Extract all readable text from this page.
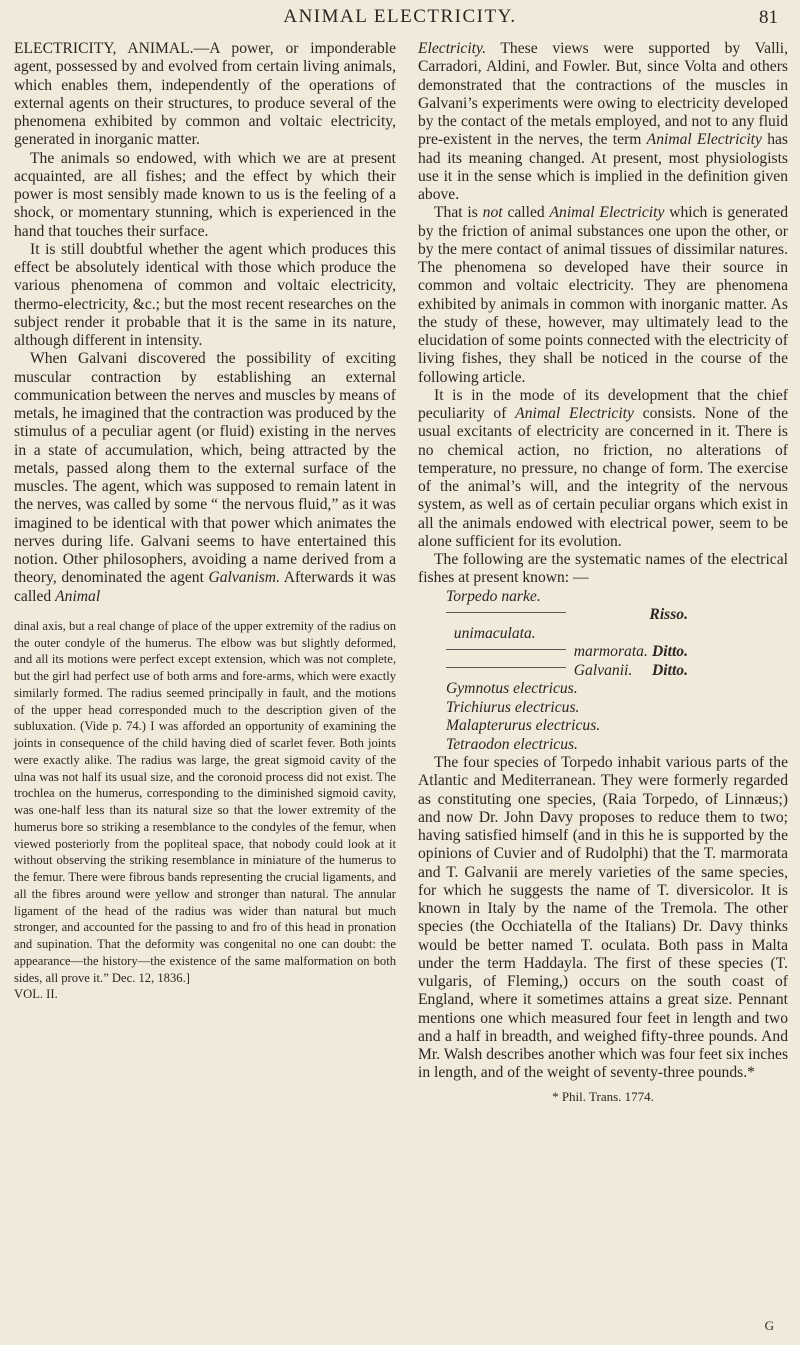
ANIMAL ELECTRICITY.	81

ELECTRICITY, ANIMAL.—A power, or imponderable agent, possessed by and evolved from certain living animals, which enables them, independently of the operations of external agents on their structures, to produce several of the phenomena exhibited by common and voltaic electricity, generated in inorganic matter.

The animals so endowed, with which we are at present acquainted, are all fishes; and the effect by which their power is most sensibly made known to us is the feeling of a shock, or momentary stunning, which is experienced in the hand that touches their surface.

It is still doubtful whether the agent which produces this effect be absolutely identical with those which produce the various phenomena of common and voltaic electricity, thermo-electricity, &c.; but the most recent researches on the subject render it probable that it is the same in its nature, although different in intensity.

When Galvani discovered the possibility of exciting muscular contraction by establishing an external communication between the nerves and muscles by means of metals, he imagined that the contraction was produced by the stimulus of a peculiar agent (or fluid) existing in the nerves in a state of accumulation, which, being attracted by the metals, passed along them to the external surface of the muscles. The agent, which was supposed to remain latent in the nerves, was called by some “ the nervous fluid,” as it was imagined to be identical with that power which animates the nerves during life. Galvani seems to have entertained this notion. Other philosophers, avoiding a name derived from a theory, denominated the agent Galvanism. Afterwards it was called Animal

dinal axis, but a real change of place of the upper extremity of the radius on the outer condyle of the humerus. The elbow was but slightly deformed, and all its motions were perfect except extension, which was not complete, but the girl had perfect use of both arms and fore-arms, which were exactly similarly formed. The radius seemed principally in fault, and the motions of the upper head corresponded much to the description given of the subluxation. (Vide p. 74.) I was afforded an opportunity of examining the joints in consequence of the child having died of scarlet fever. Both joints were exactly alike. The radius was large, the great sigmoid cavity of the ulna was not half its usual size, and the coronoid process did not exist. The trochlea on the humerus, corresponding to the diminished sigmoid cavity, was one-half less than its natural size so that the lower extremity of the humerus bore so striking a resemblance to the condyles of the femur, when viewed posteriorly from the popliteal space, that nobody could look at it without observing the striking resemblance in miniature of the humerus to the femur. There were fibrous bands representing the crucial ligaments, and all the fibres around were yellow and stronger than natural. The annular ligament of the head of the radius was wider than natural but much stronger, and accounted for the passing to and fro of this head in pronation and supination. That the deformity was congenital no one can doubt: the appearance—the history—the existence of the same malformation on both sides, all prove it.” Dec. 12, 1836.]

VOL. II.

Electricity. These views were supported by Valli, Carradori, Aldini, and Fowler. But, since Volta and others demonstrated that the contractions of the muscles in Galvani’s experiments were owing to electricity developed by the contact of the metals employed, and not to any fluid pre-existent in the nerves, the term Animal Electricity has had its meaning changed. At present, most physiologists use it in the sense which is implied in the definition given above.

That is not called Animal Electricity which is generated by the friction of animal substances one upon the other, or by the mere contact of animal tissues of dissimilar natures. The phenomena so developed have their source in common and voltaic electricity. They are phenomena exhibited by animals in common with inorganic matter. As the study of these, however, may ultimately lead to the elucidation of some points connected with the electricity of living fishes, they shall be noticed in the course of the following article.

It is in the mode of its development that the chief peculiarity of Animal Electricity consists. None of the usual excitants of electricity are concerned in it. There is no chemical action, no friction, no alterations of temperature, no pressure, no change of form. The exercise of the animal’s will, and the integrity of the nervous system, as well as of certain peculiar organs which exist in all the animals endowed with electrical power, seem to be alone sufficient for its evolution.

The following are the systematic names of the electrical fishes at present known: —

Torpedo narke.
unimaculata.
Risso.
marmorata. Ditto.
Galvanii. Ditto.
Gymnotus electricus.
Trichiurus electricus.
Malapterurus electricus.
Tetraodon electricus.

The four species of Torpedo inhabit various parts of the Atlantic and Mediterranean. They were formerly regarded as constituting one species, (Raia Torpedo, of Linnæus;) and now Dr. John Davy proposes to reduce them to two; having satisfied himself (and in this he is supported by the opinions of Cuvier and of Rudolphi) that the T. marmorata and T. Galvanii are merely varieties of the same species, for which he suggests the name of T. diversicolor. It is known in Italy by the name of the Tremola. The other species (the Occhiatella of the Italians) Dr. Davy thinks would be better named T. oculata. Both pass in Malta under the term Haddayla. The first of these species (T. vulgaris, of Fleming,) occurs on the south coast of England, where it sometimes attains a great size. Pennant mentions one which measured four feet in length and two and a half in breadth, and weighed fifty-three pounds. And Mr. Walsh describes another which was four feet six inches in length, and of the weight of seventy-three pounds.*

* Phil. Trans. 1774.

G
